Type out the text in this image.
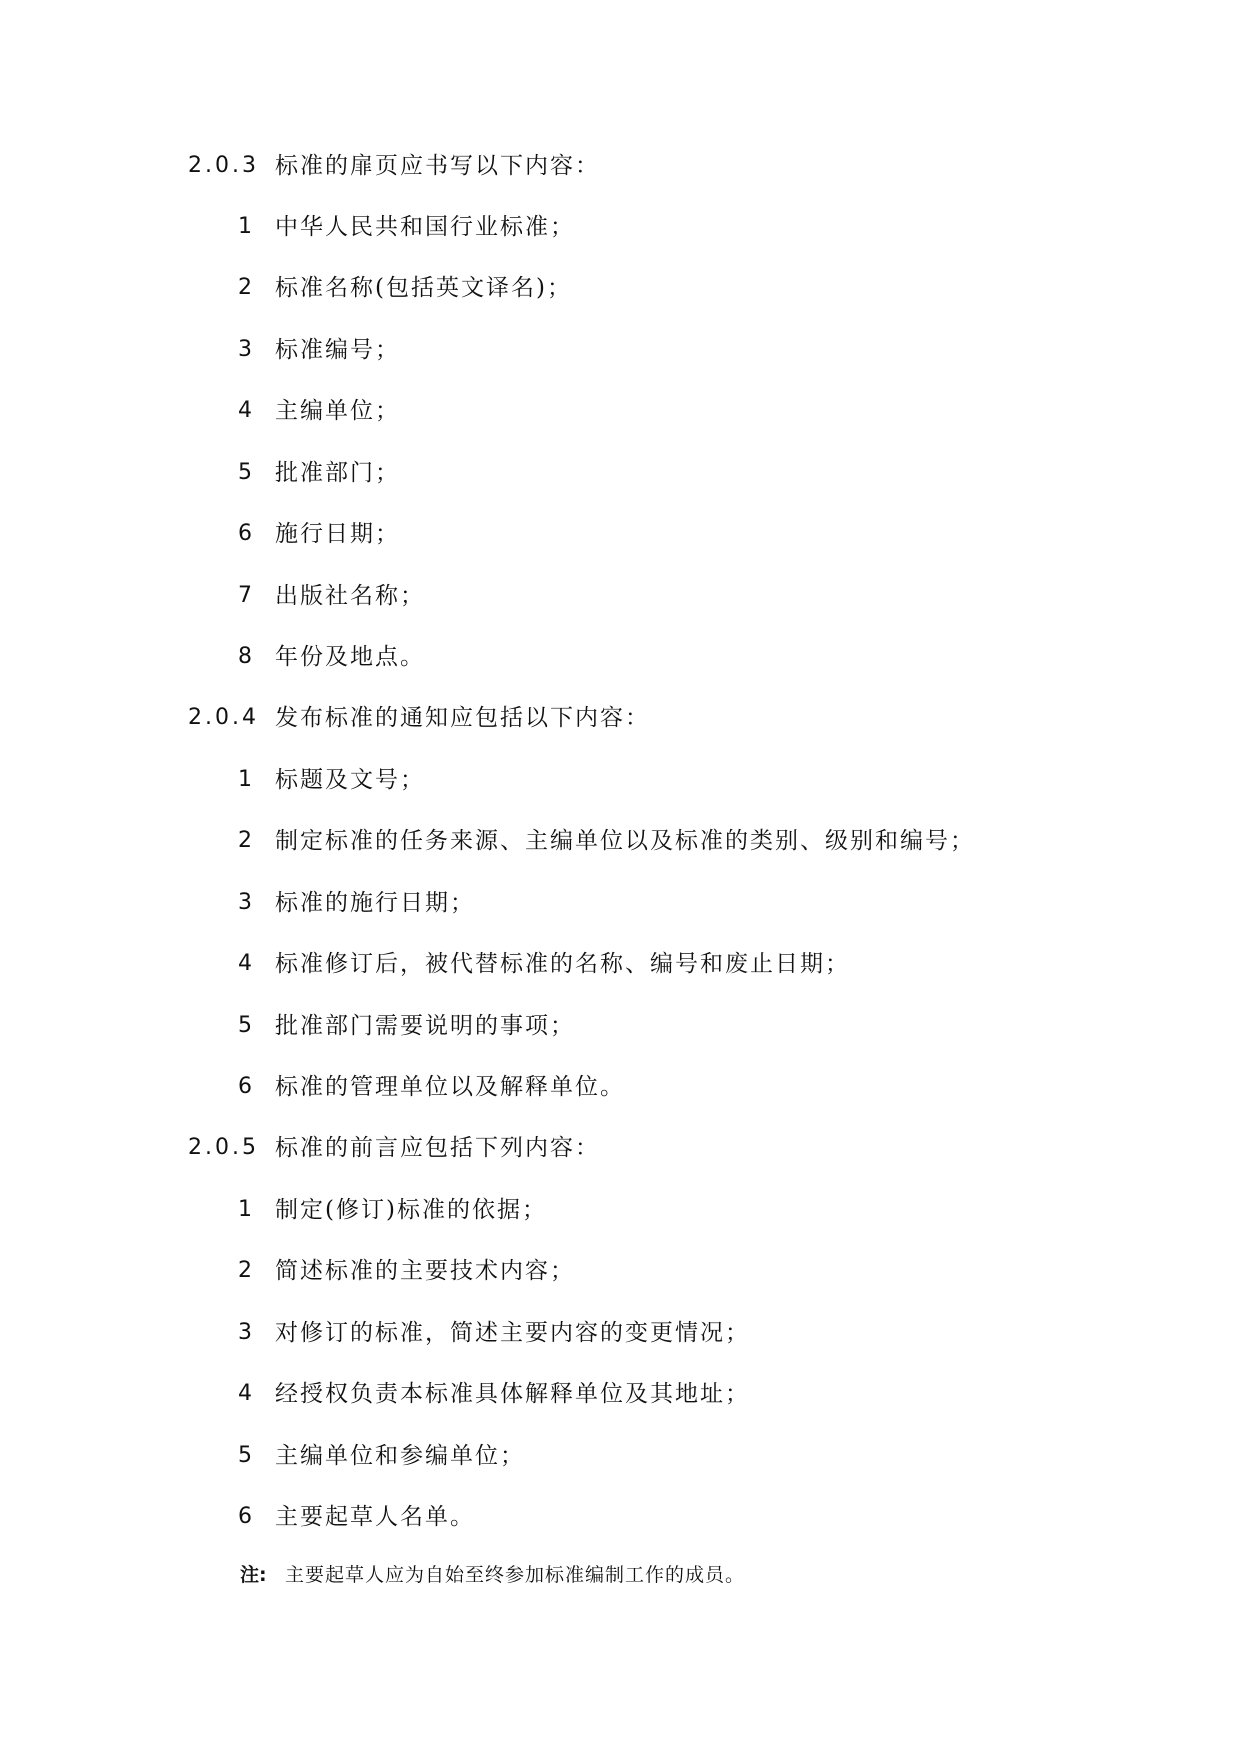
2.0.3 标准的扉页应书写以下内容：
1 中华人民共和国行业标准；
2 标准名称(包括英文译名)；
3 标准编号；
4 主编单位；
5 批准部门；
6 施行日期；
7 出版社名称；
8 年份及地点。
2.0.4 发布标准的通知应包括以下内容：
1 标题及文号；
2 制定标准的任务来源、主编单位以及标准的类别、级别和编号；
3 标准的施行日期；
4 标准修订后，被代替标准的名称、编号和废止日期；
5 批准部门需要说明的事项；
6 标准的管理单位以及解释单位。
2.0.5 标准的前言应包括下列内容：
1 制定(修订)标准的依据；
2 简述标准的主要技术内容；
3 对修订的标准，简述主要内容的变更情况；
4 经授权负责本标准具体解释单位及其地址；
5 主编单位和参编单位；
6 主要起草人名单。
注: 主要起草人应为自始至终参加标准编制工作的成员。
